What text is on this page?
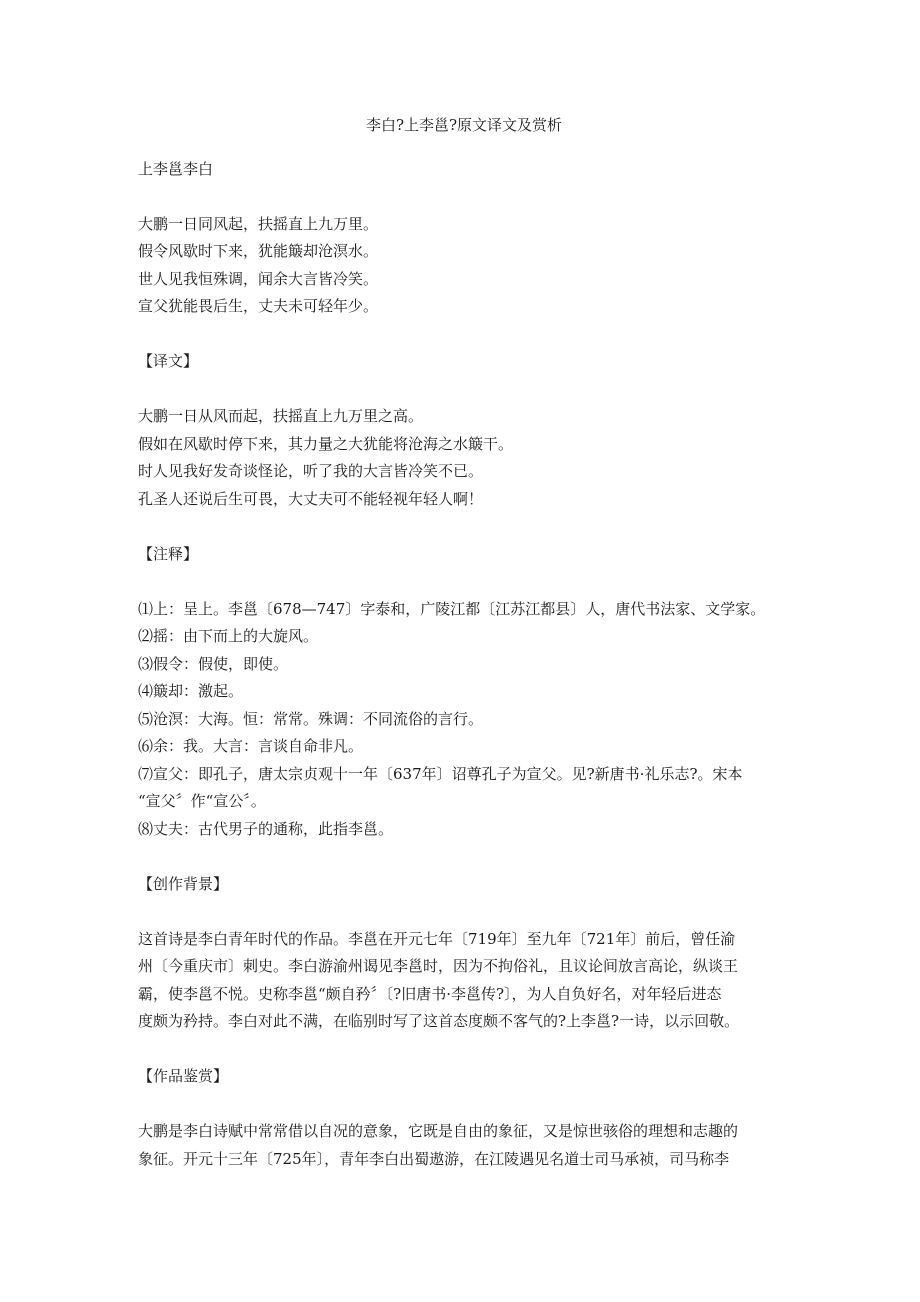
李白?上李邕?原文译文及赏析

上李邕李白

大鹏一日同风起，扶摇直上九万里。

假令风歇时下来，犹能簸却沧溟水。

世人见我恒殊调，闻余大言皆冷笑。

宣父犹能畏后生，丈夫未可轻年少。

【译文】

大鹏一日从风而起，扶摇直上九万里之高。

假如在风歇时停下来，其力量之大犹能将沧海之水簸干。

时人见我好发奇谈怪论，听了我的大言皆冷笑不已。

孔圣人还说后生可畏，大丈夫可不能轻视年轻人啊！

【注释】

⑴上：呈上。李邕〔678—747〕字泰和，广陵江都〔江苏江都县〕人，唐代书法家、文学家。

⑵摇：由下而上的大旋风。

⑶假令：假使，即使。

⑷簸却：激起。

⑸沧溟：大海。恒：常常。殊调：不同流俗的言行。

⑹余：我。大言：言谈自命非凡。

⑺宣父：即孔子，唐太宗贞观十一年〔637年〕诏尊孔子为宣父。见?新唐书·礼乐志?。宋本

“宣父〞作“宣公〞。

⑻丈夫：古代男子的通称，此指李邕。

【创作背景】

这首诗是李白青年时代的作品。李邕在开元七年〔719年〕至九年〔721年〕前后，曾任渝

州〔今重庆市〕刺史。李白游渝州谒见李邕时，因为不拘俗礼，且议论间放言高论，纵谈王

霸，使李邕不悦。史称李邕“颇自矜〞〔?旧唐书·李邕传?〕，为人自负好名，对年轻后进态

度颇为矜持。李白对此不满，在临别时写了这首态度颇不客气的?上李邕?一诗，以示回敬。

【作品鉴赏】

大鹏是李白诗赋中常常借以自况的意象，它既是自由的象征，又是惊世骇俗的理想和志趣的

象征。开元十三年〔725年〕，青年李白出蜀遨游，在江陵遇见名道士司马承祯，司马称李
